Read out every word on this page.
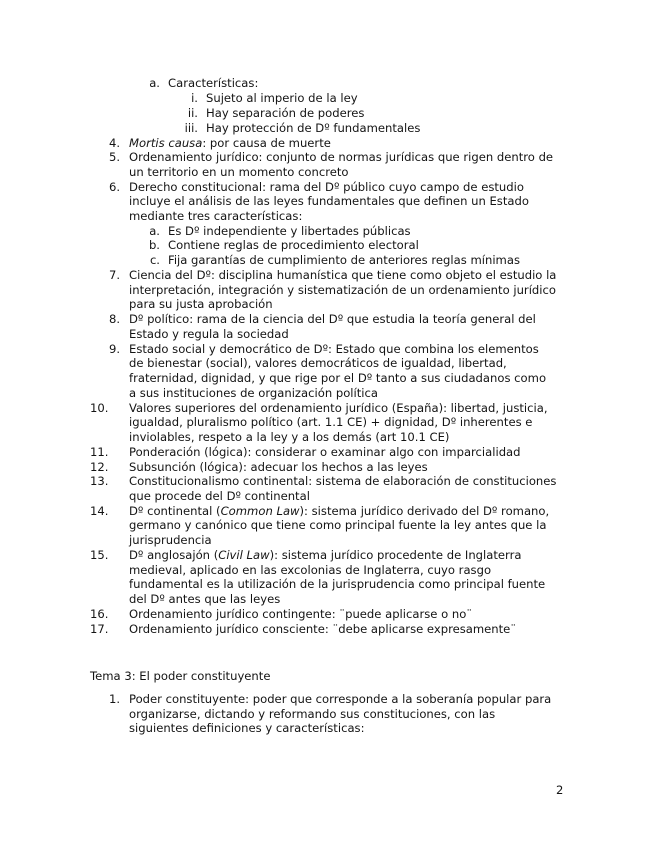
a. Características:
i. Sujeto al imperio de la ley
ii. Hay separación de poderes
iii. Hay protección de Dº fundamentales
4. Mortis causa: por causa de muerte
5. Ordenamiento jurídico: conjunto de normas jurídicas que rigen dentro de
un territorio en un momento concreto
6. Derecho constitucional: rama del Dº público cuyo campo de estudio
incluye el análisis de las leyes fundamentales que definen un Estado
mediante tres características:
a. Es Dº independiente y libertades públicas
b. Contiene reglas de procedimiento electoral
c. Fija garantías de cumplimiento de anteriores reglas mínimas
7. Ciencia del Dº: disciplina humanística que tiene como objeto el estudio la
interpretación, integración y sistematización de un ordenamiento jurídico
para su justa aprobación
8. Dº político: rama de la ciencia del Dº que estudia la teoría general del
Estado y regula la sociedad
9. Estado social y democrático de Dº: Estado que combina los elementos
de bienestar (social), valores democráticos de igualdad, libertad,
fraternidad, dignidad, y que rige por el Dº tanto a sus ciudadanos como
a sus instituciones de organización política
10.	Valores superiores del ordenamiento jurídico (España): libertad, justicia,
igualdad, pluralismo político (art. 1.1 CE) + dignidad, Dº inherentes e
inviolables, respeto a la ley y a los demás (art 10.1 CE)
11.	Ponderación (lógica): considerar o examinar algo con imparcialidad
12.	Subsunción (lógica): adecuar los hechos a las leyes
13.	Constitucionalismo continental: sistema de elaboración de constituciones
que procede del Dº continental
14.	Dº continental (Common Law): sistema jurídico derivado del Dº romano,
germano y canónico que tiene como principal fuente la ley antes que la
jurisprudencia
15.	Dº anglosajón (Civil Law): sistema jurídico procedente de Inglaterra
medieval, aplicado en las excolonias de Inglaterra, cuyo rasgo
fundamental es la utilización de la jurisprudencia como principal fuente
del Dº antes que las leyes
16.	Ordenamiento jurídico contingente: ¨puede aplicarse o no¨
17.	Ordenamiento jurídico consciente: ¨debe aplicarse expresamente¨
Tema 3: El poder constituyente
1. Poder constituyente: poder que corresponde a la soberanía popular para
organizarse, dictando y reformando sus constituciones, con las
siguientes definiciones y características:
2
